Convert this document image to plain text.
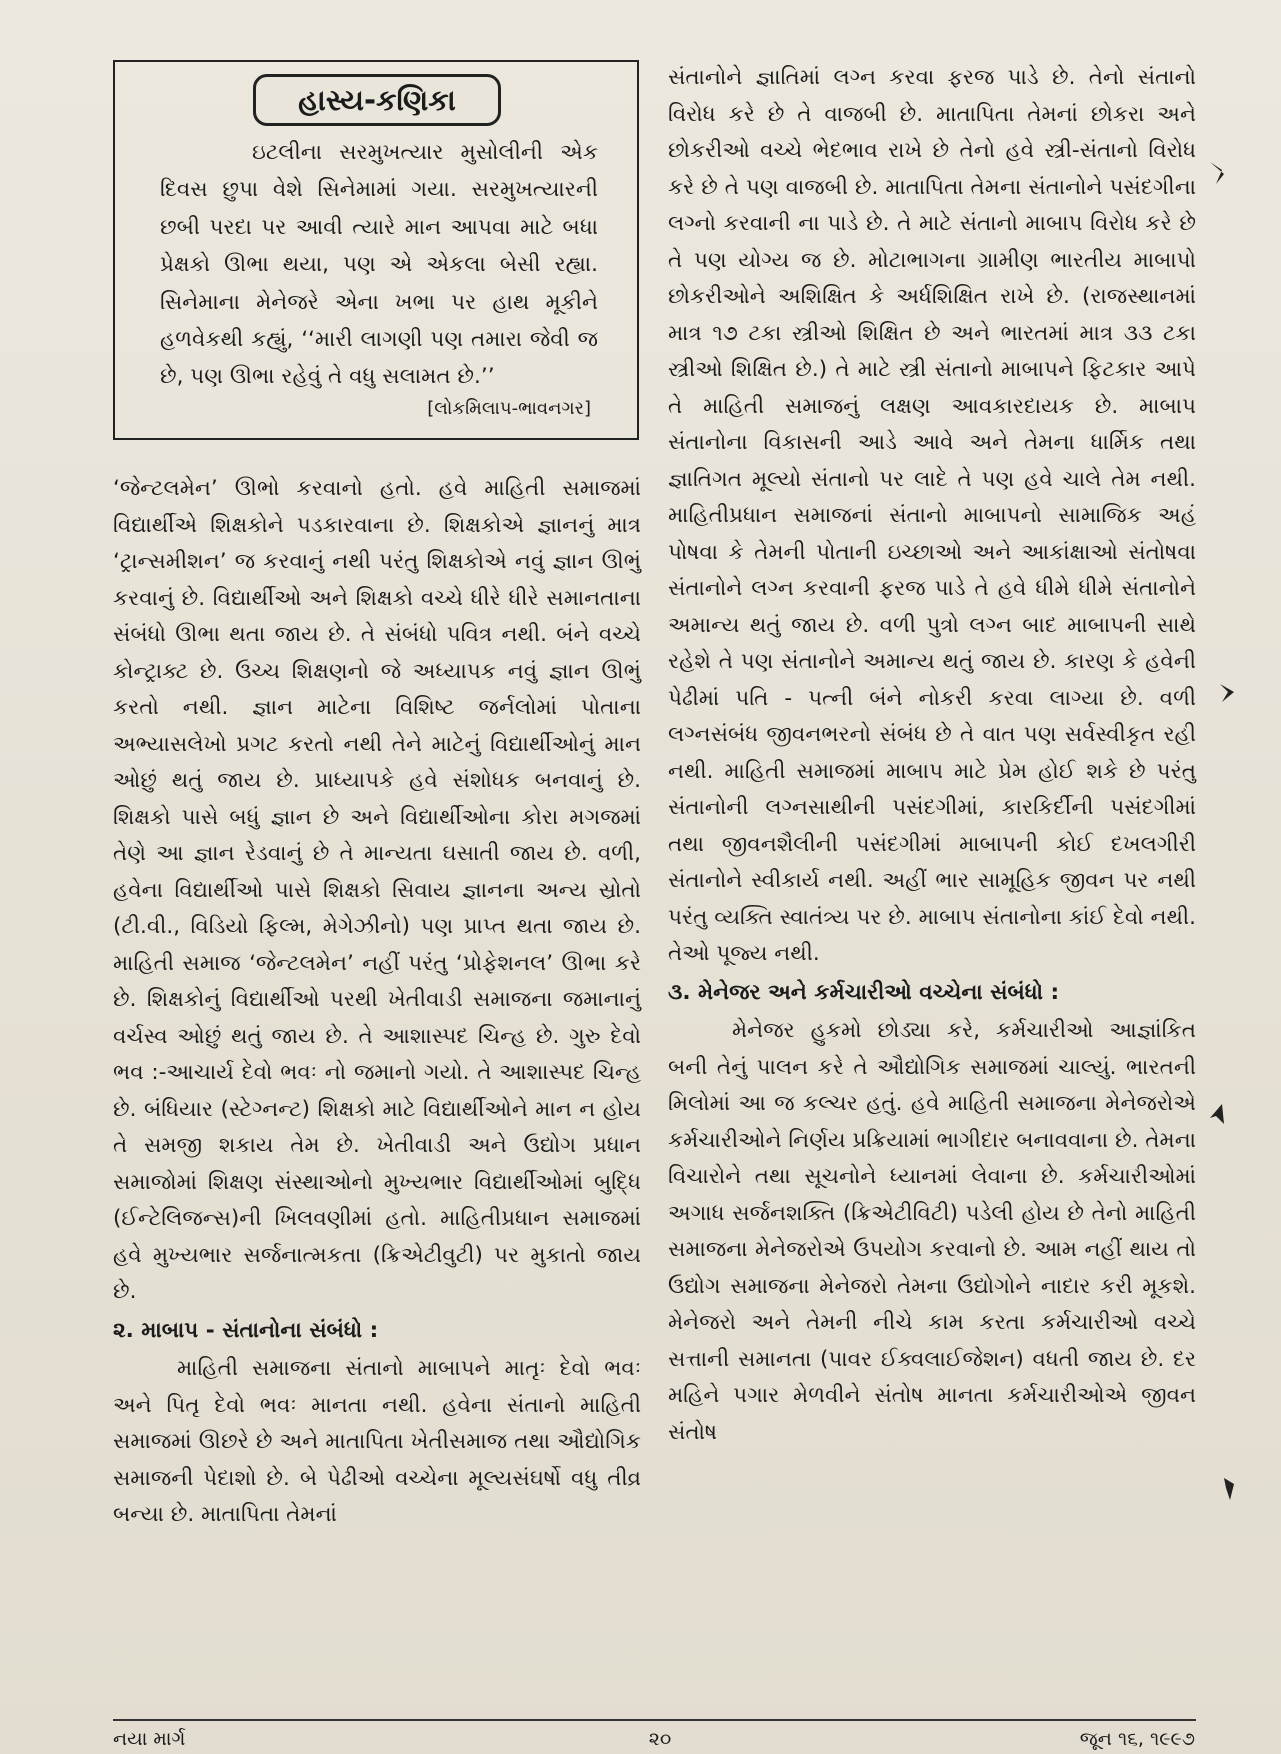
હાસ્ય-કણિકા

ઇટલીના સરમુખત્યાર મુસોલીની એક દિવસ છુપા વેશે સિનેમામાં ગયા. સરમુખત્યારની છબી પરદા પર આવી ત્યારે માન આપવા માટે બધા પ્રેક્ષકો ઊભા થયા, પણ એ એકલા બેસી રહ્યા. સિનેમાના મેનેજરે એના ખભા પર હાથ મૂકીને હળવેકથી કહ્યું, ‘‘મારી લાગણી પણ તમારા જેવી જ છે, પણ ઊભા રહેવું તે વધુ સલામત છે.’’

[લોકમિલાપ-ભાવનગર]

‘જેન્ટલમેન’ ઊભો કરવાનો હતો. હવે માહિતી સમાજમાં વિદ્યાર્થીએ શિક્ષકોને પડકારવાના છે. શિક્ષકોએ જ્ઞાનનું માત્ર ‘ટ્રાન્સમીશન’ જ કરવાનું નથી પરંતુ શિક્ષકોએ નવું જ્ઞાન ઊભું કરવાનું છે. વિદ્યાર્થીઓ અને શિક્ષકો વચ્ચે ધીરે ધીરે સમાનતાના સંબંધો ઊભા થતા જાય છે. તે સંબંધો પવિત્ર નથી. બંને વચ્ચે કોન્ટ્રાક્ટ છે. ઉચ્ચ શિક્ષણનો જે અધ્યાપક નવું જ્ઞાન ઊભું કરતો નથી. જ્ઞાન માટેના વિશિષ્ટ જર્નલોમાં પોતાના અભ્યાસલેખો પ્રગટ કરતો નથી તેને માટેનું વિદ્યાર્થીઓનું માન ઓછું થતું જાય છે. પ્રાધ્યાપકે હવે સંશોધક બનવાનું છે. શિક્ષકો પાસે બધું જ્ઞાન છે અને વિદ્યાર્થીઓના કોરા મગજમાં તેણે આ જ્ઞાન રેડવાનું છે તે માન્યતા ઘસાતી જાય છે. વળી, હવેના વિદ્યાર્થીઓ પાસે શિક્ષકો સિવાય જ્ઞાનના અન્ય સ્રોતો (ટી.વી., વિડિયો ફિલ્મ, મેગેઝીનો) પણ પ્રાપ્ત થતા જાય છે. માહિતી સમાજ ‘જેન્ટલમેન’ નહીં પરંતુ ‘પ્રોફેશનલ’ ઊભા કરે છે. શિક્ષકોનું વિદ્યાર્થીઓ પરથી ખેતીવાડી સમાજના જમાનાનું વર્ચસ્વ ઓછું થતું જાય છે. તે આશાસ્પદ ચિન્હ છે. ગુરુ દેવો ભવ :-આચાર્ય દેવો ભવઃ નો જમાનો ગયો. તે આશાસ્પદ ચિન્હ છે. બંધિયાર (સ્ટેગ્નન્ટ) શિક્ષકો માટે વિદ્યાર્થીઓને માન ન હોય તે સમજી શકાય તેમ છે. ખેતીવાડી અને ઉદ્યોગ પ્રધાન સમાજોમાં શિક્ષણ સંસ્થાઓનો મુખ્યભાર વિદ્યાર્થીઓમાં બુદ્ધિ (ઈન્ટેલિજન્સ)ની ખિલવણીમાં હતો. માહિતીપ્રધાન સમાજમાં હવે મુખ્યભાર સર્જનાત્મકતા (ક્રિએટીવુટી) પર મુકાતો જાય છે.

૨. માબાપ - સંતાનોના સંબંધો :

માહિતી સમાજના સંતાનો માબાપને માતૃઃ દેવો ભવઃ અને પિતૃ દેવો ભવઃ માનતા નથી. હવેના સંતાનો માહિતી સમાજમાં ઊછરે છે અને માતાપિતા ખેતીસમાજ તથા ઔદ્યોગિક સમાજની પેદાશો છે. બે પેઢીઓ વચ્ચેના મૂલ્યસંઘર્ષો વધુ તીવ્ર બન્યા છે. માતાપિતા તેમનાં

સંતાનોને જ્ઞાતિમાં લગ્ન કરવા ફરજ પાડે છે. તેનો સંતાનો વિરોધ કરે છે તે વાજબી છે. માતાપિતા તેમનાં છોકરા અને છોકરીઓ વચ્ચે ભેદભાવ રાખે છે તેનો હવે સ્ત્રી-સંતાનો વિરોધ કરે છે તે પણ વાજબી છે. માતાપિતા તેમના સંતાનોને પસંદગીના લગ્નો કરવાની ના પાડે છે. તે માટે સંતાનો માબાપ વિરોધ કરે છે તે પણ યોગ્ય જ છે. મોટાભાગના ગ્રામીણ ભારતીય માબાપો છોકરીઓને અશિક્ષિત કે અર્ધશિક્ષિત રાખે છે. (રાજસ્થાનમાં માત્ર ૧૭ ટકા સ્ત્રીઓ શિક્ષિત છે અને ભારતમાં માત્ર ૩૩ ટકા સ્ત્રીઓ શિક્ષિત છે.) તે માટે સ્ત્રી સંતાનો માબાપને ફિટકાર આપે તે માહિતી સમાજનું લક્ષણ આવકારદાયક છે. માબાપ સંતાનોના વિકાસની આડે આવે અને તેમના ધાર્મિક તથા જ્ઞાતિગત મૂલ્યો સંતાનો પર લાદે તે પણ હવે ચાલે તેમ નથી. માહિતીપ્રધાન સમાજનાં સંતાનો માબાપનો સામાજિક અહં પોષવા કે તેમની પોતાની ઇચ્છાઓ અને આકાંક્ષાઓ સંતોષવા સંતાનોને લગ્ન કરવાની ફરજ પાડે તે હવે ધીમે ધીમે સંતાનોને અમાન્ય થતું જાય છે. વળી પુત્રો લગ્ન બાદ માબાપની સાથે રહેશે તે પણ સંતાનોને અમાન્ય થતું જાય છે. કારણ કે હવેની પેઢીમાં પતિ - પત્ની બંને નોકરી કરવા લાગ્યા છે. વળી લગ્નસંબંધ જીવનભરનો સંબંધ છે તે વાત પણ સર્વસ્વીકૃત રહી નથી. માહિતી સમાજમાં માબાપ માટે પ્રેમ હોઈ શકે છે પરંતુ સંતાનોની લગ્નસાથીની પસંદગીમાં, કારકિર્દીની પસંદગીમાં તથા જીવનશૈલીની પસંદગીમાં માબાપની કોઈ દખલગીરી સંતાનોને સ્વીકાર્ય નથી. અહીં ભાર સામૂહિક જીવન પર નથી પરંતુ વ્યક્તિ સ્વાતંત્ર્ય પર છે. માબાપ સંતાનોના કાંઈ દેવો નથી. તેઓ પૂજ્ય નથી.

૩. મેનેજર અને કર્મચારીઓ વચ્ચેના સંબંધો :

મેનેજર હુકમો છોડ્યા કરે, કર્મચારીઓ આજ્ઞાંકિત બની તેનું પાલન કરે તે ઔદ્યોગિક સમાજમાં ચાલ્યું. ભારતની મિલોમાં આ જ કલ્ચર હતું. હવે માહિતી સમાજના મેનેજરોએ કર્મચારીઓને નિર્ણય પ્રક્રિયામાં ભાગીદાર બનાવવાના છે. તેમના વિચારોને તથા સૂચનોને ધ્યાનમાં લેવાના છે. કર્મચારીઓમાં અગાધ સર્જનશક્તિ (ક્રિએટીવિટી) પડેલી હોય છે તેનો માહિતી સમાજના મેનેજરોએ ઉપયોગ કરવાનો છે. આમ નહીં થાય તો ઉદ્યોગ સમાજના મેનેજરો તેમના ઉદ્યોગોને નાદાર કરી મૂકશે. મેનેજરો અને તેમની નીચે કામ કરતા કર્મચારીઓ વચ્ચે સત્તાની સમાનતા (પાવર ઈક્વલાઈજેશન) વધતી જાય છે. દર મહિને પગાર મેળવીને સંતોષ માનતા કર્મચારીઓએ જીવન સંતોષ

નયા માર્ગ	૨૦	જૂન ૧૬, ૧૯૯૭
